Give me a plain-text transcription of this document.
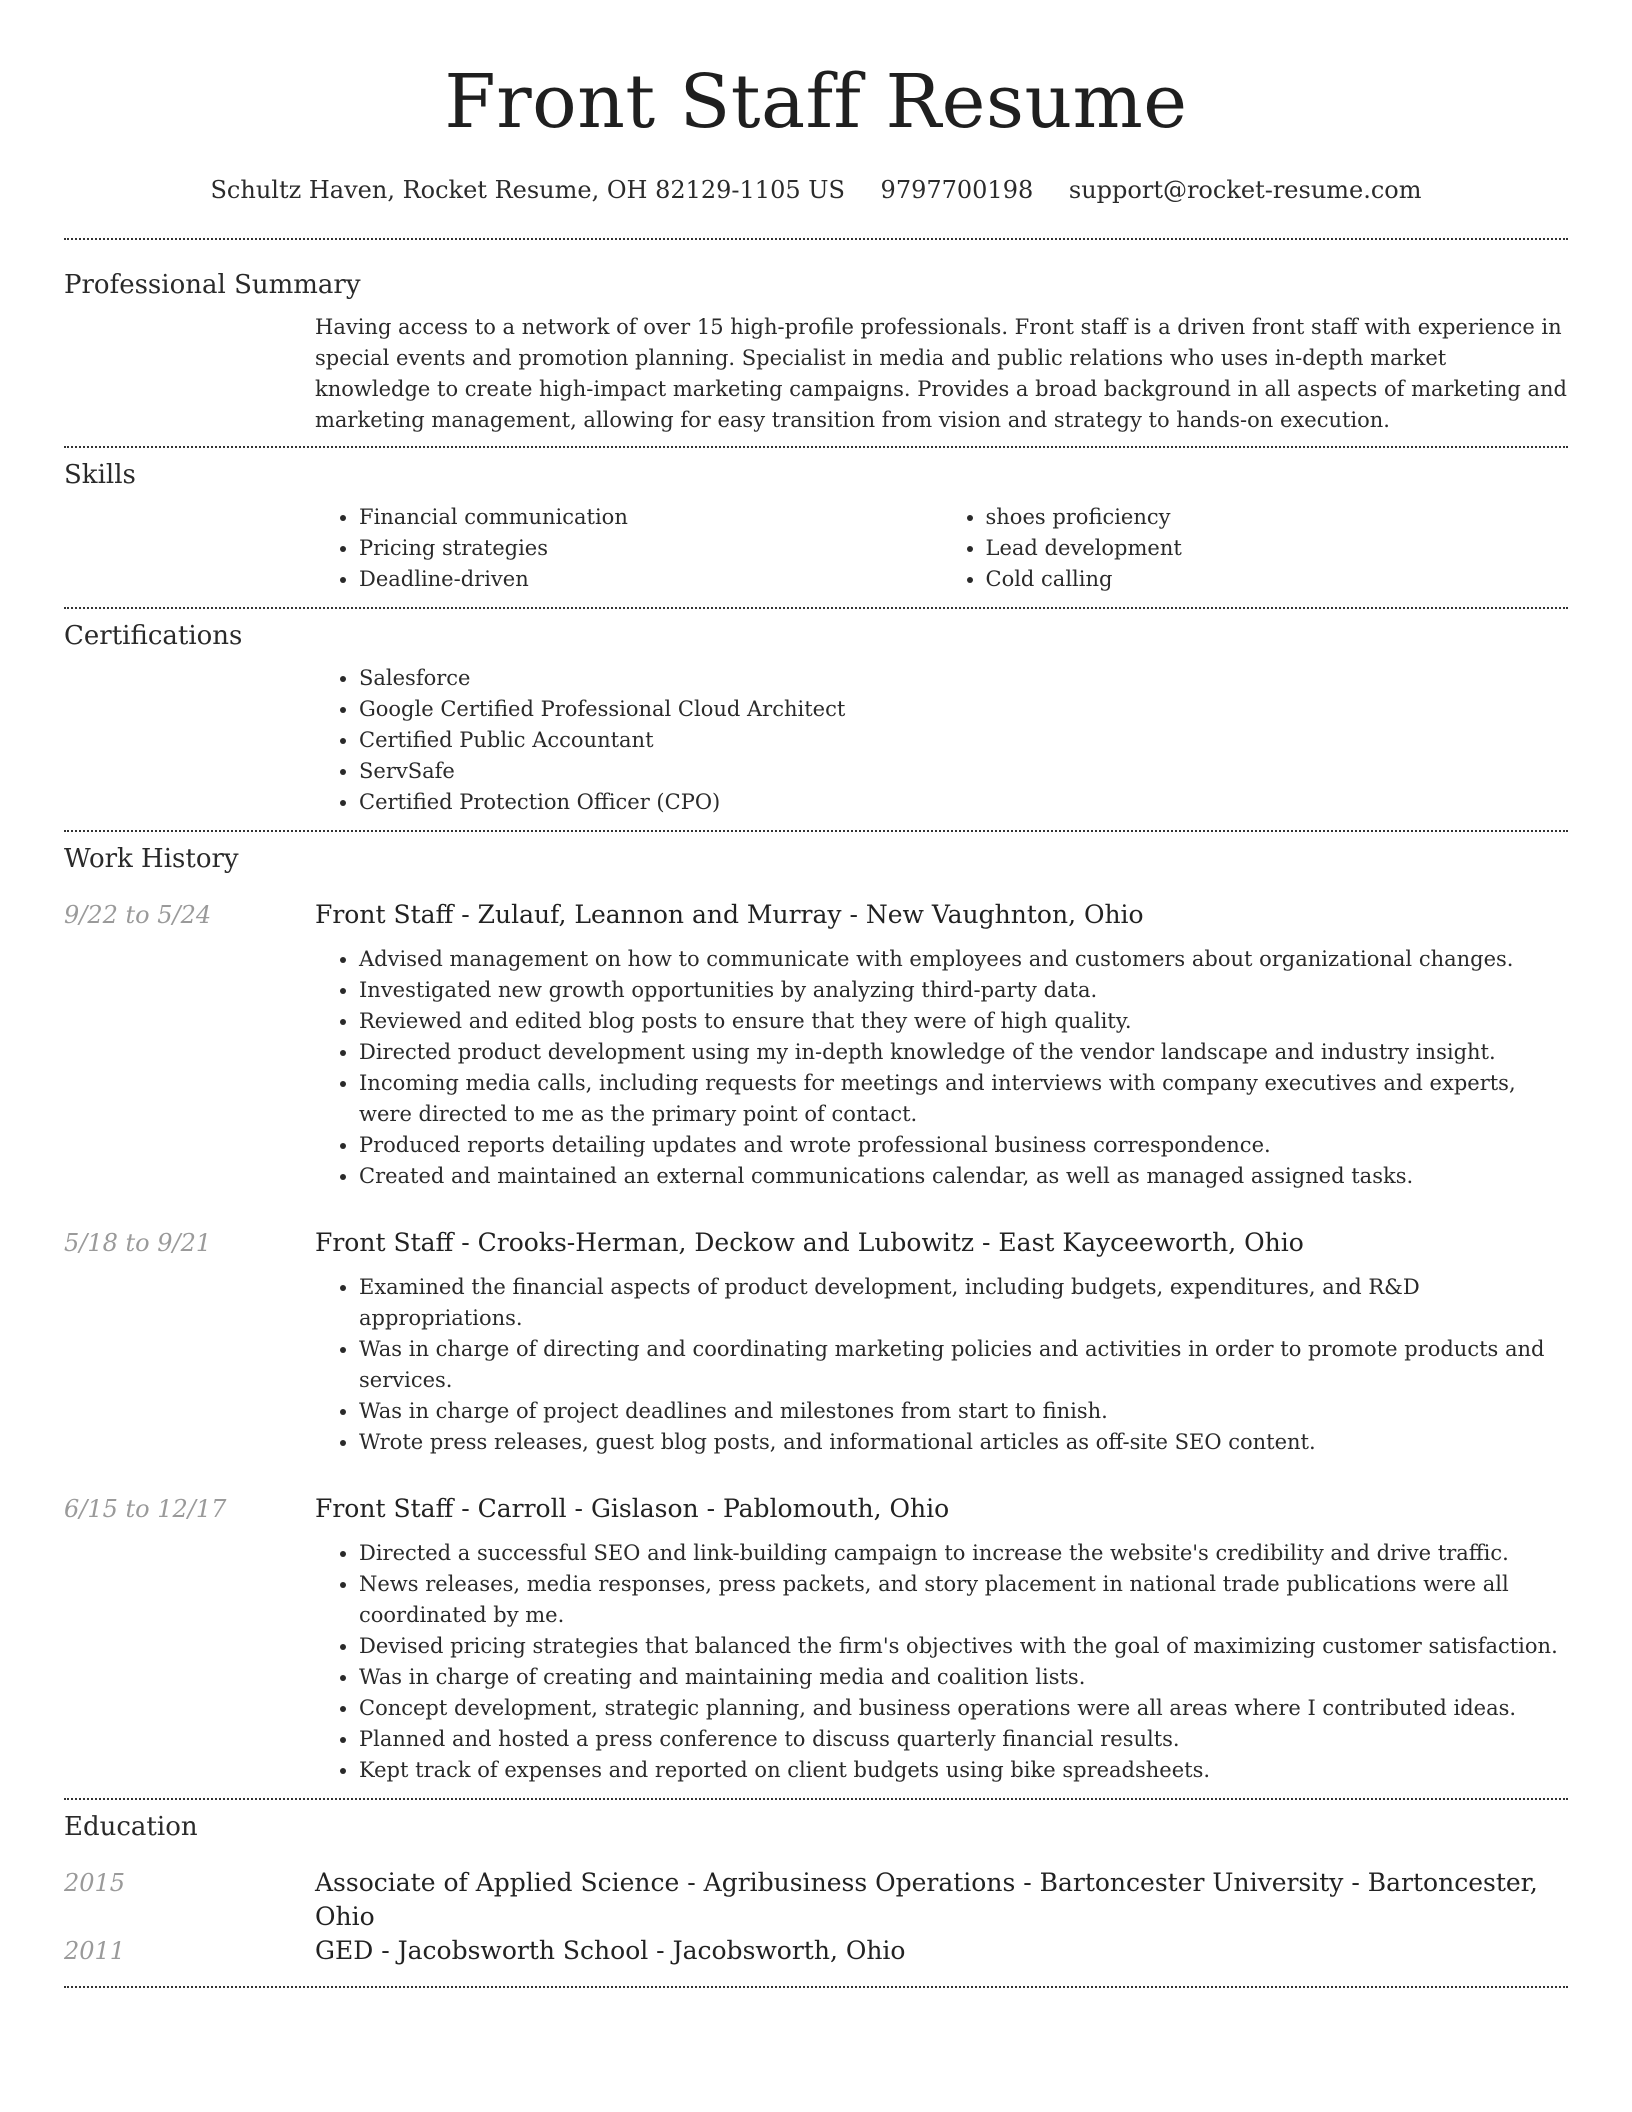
Front Staff Resume
Schultz Haven, Rocket Resume, OH 82129-1105 US 9797700198 support@rocket-resume.com
Professional Summary
Having access to a network of over 15 high-profile professionals. Front staff is a driven front staff with experience in special events and promotion planning. Specialist in media and public relations who uses in-depth market knowledge to create high-impact marketing campaigns. Provides a broad background in all aspects of marketing and marketing management, allowing for easy transition from vision and strategy to hands-on execution.
Skills
• Financial communication
• Pricing strategies
• Deadline-driven
• shoes proficiency
• Lead development
• Cold calling
Certifications
• Salesforce
• Google Certified Professional Cloud Architect
• Certified Public Accountant
• ServSafe
• Certified Protection Officer (CPO)
Work History
9/22 to 5/24	Front Staff - Zulauf, Leannon and Murray - New Vaughnton, Ohio
• Advised management on how to communicate with employees and customers about organizational changes.
• Investigated new growth opportunities by analyzing third-party data.
• Reviewed and edited blog posts to ensure that they were of high quality.
• Directed product development using my in-depth knowledge of the vendor landscape and industry insight.
• Incoming media calls, including requests for meetings and interviews with company executives and experts, were directed to me as the primary point of contact.
• Produced reports detailing updates and wrote professional business correspondence.
• Created and maintained an external communications calendar, as well as managed assigned tasks.
5/18 to 9/21	Front Staff - Crooks-Herman, Deckow and Lubowitz - East Kayceeworth, Ohio
• Examined the financial aspects of product development, including budgets, expenditures, and R&D appropriations.
• Was in charge of directing and coordinating marketing policies and activities in order to promote products and services.
• Was in charge of project deadlines and milestones from start to finish.
• Wrote press releases, guest blog posts, and informational articles as off-site SEO content.
6/15 to 12/17	Front Staff - Carroll - Gislason - Pablomouth, Ohio
• Directed a successful SEO and link-building campaign to increase the website's credibility and drive traffic.
• News releases, media responses, press packets, and story placement in national trade publications were all coordinated by me.
• Devised pricing strategies that balanced the firm's objectives with the goal of maximizing customer satisfaction.
• Was in charge of creating and maintaining media and coalition lists.
• Concept development, strategic planning, and business operations were all areas where I contributed ideas.
• Planned and hosted a press conference to discuss quarterly financial results.
• Kept track of expenses and reported on client budgets using bike spreadsheets.
Education
2015	Associate of Applied Science - Agribusiness Operations - Bartoncester University - Bartoncester, Ohio
2011	GED - Jacobsworth School - Jacobsworth, Ohio
